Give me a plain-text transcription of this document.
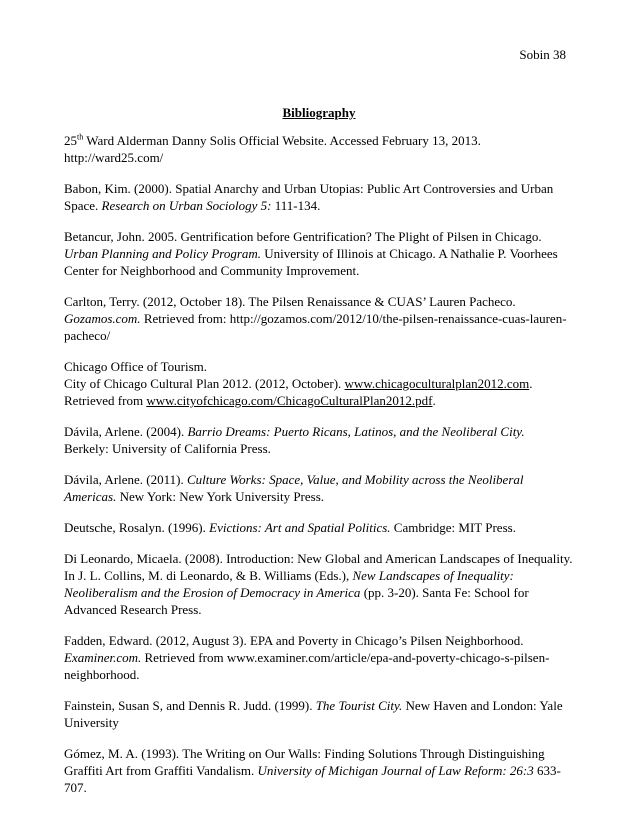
Sobin 38
Bibliography
25th Ward Alderman Danny Solis Official Website. Accessed February 13, 2013.
http://ward25.com/
Babon, Kim. (2000). Spatial Anarchy and Urban Utopias: Public Art Controversies and Urban
Space. Research on Urban Sociology 5: 111-134.
Betancur, John. 2005. Gentrification before Gentrification? The Plight of Pilsen in Chicago.
Urban Planning and Policy Program. University of Illinois at Chicago. A Nathalie P. Voorhees
Center for Neighborhood and Community Improvement.
Carlton, Terry. (2012, October 18). The Pilsen Renaissance & CUAS’ Lauren Pacheco.
Gozamos.com. Retrieved from: http://gozamos.com/2012/10/the-pilsen-renaissance-cuas-lauren-
pacheco/
Chicago Office of Tourism.
City of Chicago Cultural Plan 2012. (2012, October). www.chicagoculturalplan2012.com.
Retrieved from www.cityofchicago.com/ChicagoCulturalPlan2012.pdf.
Dávila, Arlene. (2004). Barrio Dreams: Puerto Ricans, Latinos, and the Neoliberal City.
Berkely: University of California Press.
Dávila, Arlene. (2011). Culture Works: Space, Value, and Mobility across the Neoliberal
Americas. New York: New York University Press.
Deutsche, Rosalyn. (1996). Evictions: Art and Spatial Politics. Cambridge: MIT Press.
Di Leonardo, Micaela. (2008). Introduction: New Global and American Landscapes of Inequality.
In J. L. Collins, M. di Leonardo, & B. Williams (Eds.), New Landscapes of Inequality:
Neoliberalism and the Erosion of Democracy in America (pp. 3-20). Santa Fe: School for
Advanced Research Press.
Fadden, Edward. (2012, August 3). EPA and Poverty in Chicago’s Pilsen Neighborhood.
Examiner.com. Retrieved from www.examiner.com/article/epa-and-poverty-chicago-s-pilsen-
neighborhood.
Fainstein, Susan S, and Dennis R. Judd. (1999). The Tourist City. New Haven and London: Yale
University
Gómez, M. A. (1993). The Writing on Our Walls: Finding Solutions Through Distinguishing
Graffiti Art from Graffiti Vandalism. University of Michigan Journal of Law Reform: 26:3 633-
707.
